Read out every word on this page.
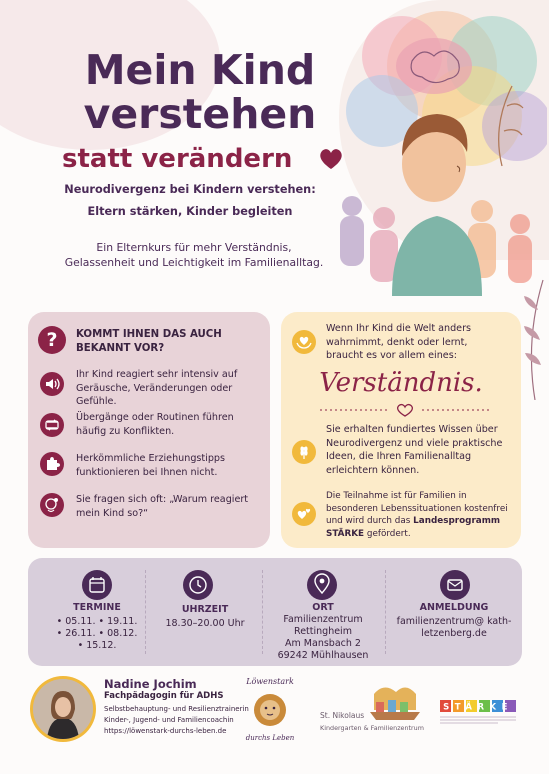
Mein Kind
verstehen
statt verändern
Neurodivergenz bei Kindern verstehen:
Eltern stärken, Kinder begleiten
Ein Elternkurs für mehr Verständnis, Gelassenheit und Leichtigkeit im Familienalltag.
?	KOMMT IHNEN DAS AUCH BEKANNT VOR?
Ihr Kind reagiert sehr intensiv auf Geräusche, Veränderungen oder Gefühle.
Übergänge oder Routinen führen häufig zu Konflikten.
Herkömmliche Erziehungstipps funktionieren bei Ihnen nicht.
Sie fragen sich oft: „Warum reagiert mein Kind so?“
Wenn Ihr Kind die Welt anders wahrnimmt, denkt oder lernt, braucht es vor allem eines:
Verständnis.
Sie erhalten fundiertes Wissen über Neurodivergenz und viele praktische Ideen, die Ihren Familienalltag erleichtern können.
Die Teilnahme ist für Familien in besonderen Lebenssituationen kostenfrei und wird durch das Landesprogramm STÄRKE gefördert.
TERMINE
• 05.11. • 19.11.
• 26.11. • 08.12.
• 15.12.
UHRZEIT
18.30–20.00 Uhr
ORT
Familienzentrum
Rettingheim
Am Mansbach 2
69242 Mühlhausen
ANMELDUNG
familienzentrum@ kath-
letzenberg.de
Nadine Jochim
Fachpädagogin für ADHS
Selbstbehauptung- und Resilienztrainerin
Kinder-, Jugend- und Familiencoachin
https://löwenstark-durchs-leben.de
Löwenstark
durchs Leben
St. Nikolaus
Kindergarten & Familienzentrum
STÄRKE
